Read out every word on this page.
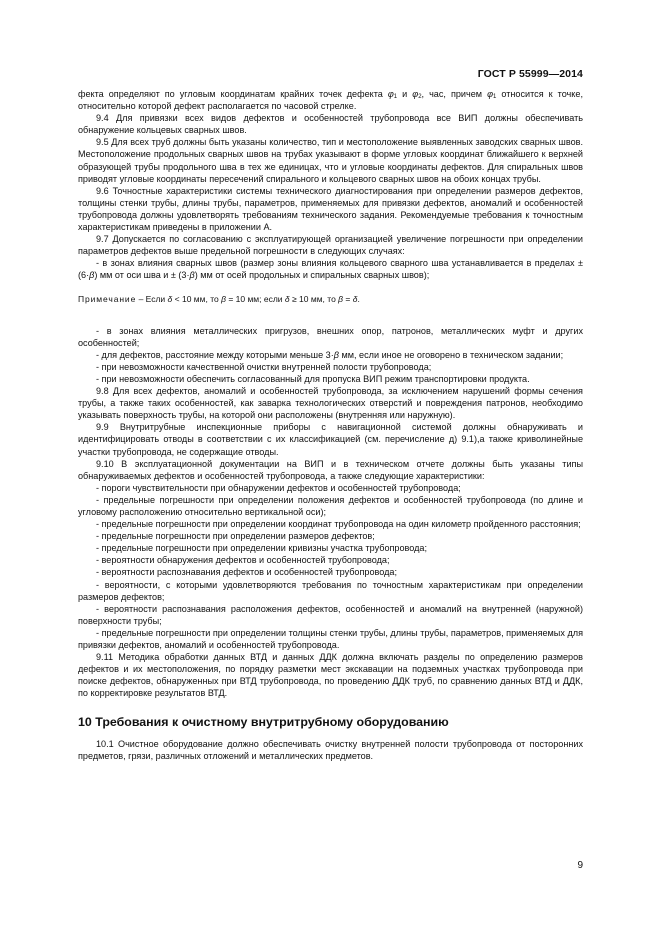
ГОСТ Р 55999—2014

фекта определяют по угловым координатам крайних точек дефекта $\varphi_1$ и $\varphi_2$, час, причем $\varphi_1$ относится к точке, относительно которой дефект располагается по часовой стрелке.

9.4 Для привязки всех видов дефектов и особенностей трубопровода все ВИП должны обеспечивать обнаружение кольцевых сварных швов.

9.5 Для всех труб должны быть указаны количество, тип и местоположение выявленных заводских сварных швов. Местоположение продольных сварных швов на трубах указывают в форме угловых координат ближайшего к верхней образующей трубы продольного шва в тех же единицах, что и угловые координаты дефектов. Для спиральных швов приводят угловые координаты пересечений спирального и кольцевого сварных швов на обоих концах трубы.

9.6 Точностные характеристики системы технического диагностирования при определении размеров дефектов, толщины стенки трубы, длины трубы, параметров, применяемых для привязки дефектов, аномалий и особенностей трубопровода должны удовлетворять требованиям технического задания. Рекомендуемые требования к точностным характеристикам приведены в приложении А.

9.7 Допускается по согласованию с эксплуатирующей организацией увеличение погрешности при определении параметров дефектов выше предельной погрешности в следующих случаях:

- в зонах влияния сварных швов (размер зоны влияния кольцевого сварного шва устанавливается в пределах ± (6·β) мм от оси шва и ± (3·β) мм от осей продольных и спиральных сварных швов);

Примечание – Если δ < 10 мм, то β = 10 мм; если δ ≥ 10 мм, то β = δ.

- в зонах влияния металлических пригрузов, внешних опор, патронов, металлических муфт и других особенностей;

- для дефектов, расстояние между которыми меньше 3·β мм, если иное не оговорено в техническом задании;

- при невозможности качественной очистки внутренней полости трубопровода;

- при невозможности обеспечить согласованный для пропуска ВИП режим транспортировки продукта.

9.8 Для всех дефектов, аномалий и особенностей трубопровода, за исключением нарушений формы сечения трубы, а также таких особенностей, как заварка технологических отверстий и повреждения патронов, необходимо указывать поверхность трубы, на которой они расположены (внутренняя или наружную).

9.9 Внутритрубные инспекционные приборы с навигационной системой должны обнаруживать и идентифицировать отводы в соответствии с их классификацией (см. перечисление д) 9.1),а также криволинейные участки трубопровода, не содержащие отводы.

9.10 В эксплуатационной документации на ВИП и в техническом отчете должны быть указаны типы обнаруживаемых дефектов и особенностей трубопровода, а также следующие характеристики:

- пороги чувствительности при обнаружении дефектов и особенностей трубопровода;

- предельные погрешности при определении положения дефектов и особенностей трубопровода (по длине и угловому расположению относительно вертикальной оси);

- предельные погрешности при определении координат трубопровода на один километр пройденного расстояния;

- предельные погрешности при определении размеров дефектов;

- предельные погрешности при определении кривизны участка трубопровода;

- вероятности обнаружения дефектов и особенностей трубопровода;

- вероятности распознавания дефектов и особенностей трубопровода;

- вероятности, с которыми удовлетворяются требования по точностным характеристикам при определении размеров дефектов;

- вероятности распознавания расположения дефектов, особенностей и аномалий на внутренней (наружной) поверхности трубы;

- предельные погрешности при определении толщины стенки трубы, длины трубы, параметров, применяемых для привязки дефектов, аномалий и особенностей трубопровода.

9.11 Методика обработки данных ВТД и данных ДДК должна включать разделы по определению размеров дефектов и их местоположения, по порядку разметки мест экскавации на подземных участках трубопровода при поиске дефектов, обнаруженных при ВТД трубопровода, по проведению ДДК труб, по сравнению данных ВТД и ДДК, по корректировке результатов ВТД.

10 Требования к очистному внутритрубному оборудованию

10.1 Очистное оборудование должно обеспечивать очистку внутренней полости трубопровода от посторонних предметов, грязи, различных отложений и металлических предметов.

9
